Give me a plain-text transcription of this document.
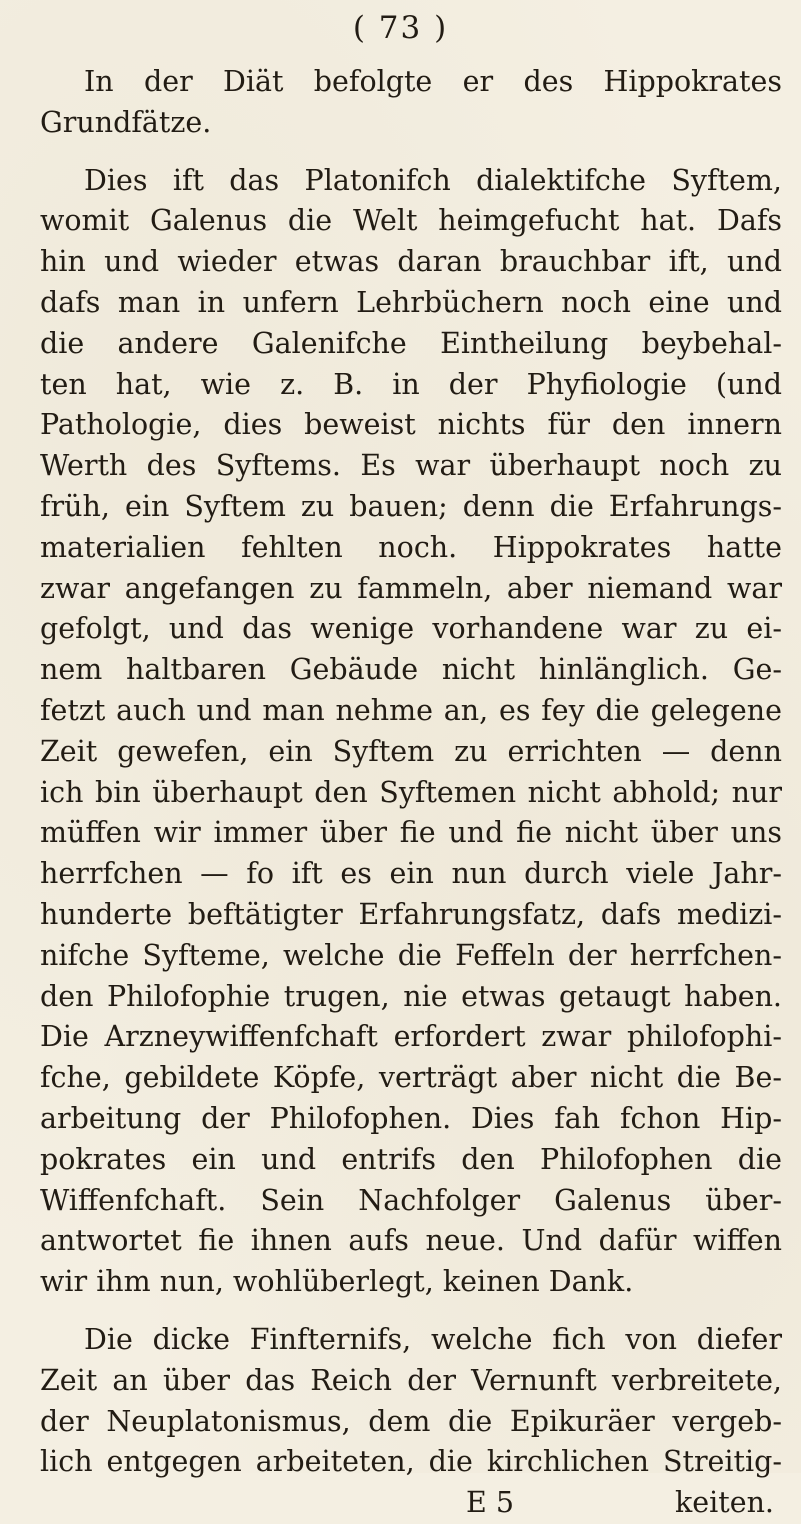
( 73 )
In der Diät befolgte er des Hippokrates
Grundfätze.
Dies ift das Platonifch dialektifche Syftem,
womit Galenus die Welt heimgefucht hat. Dafs
hin und wieder etwas daran brauchbar ift, und
dafs man in unfern Lehrbüchern noch eine und
die andere Galenifche Eintheilung beybehal-
ten hat, wie z. B. in der Phyfiologie (und
Pathologie, dies beweist nichts für den innern
Werth des Syftems. Es war überhaupt noch zu
früh, ein Syftem zu bauen; denn die Erfahrungs-
materialien fehlten noch. Hippokrates hatte
zwar angefangen zu fammeln, aber niemand war
gefolgt, und das wenige vorhandene war zu ei-
nem haltbaren Gebäude nicht hinlänglich. Ge-
fetzt auch und man nehme an, es fey die gelegene
Zeit gewefen, ein Syftem zu errichten — denn
ich bin überhaupt den Syftemen nicht abhold; nur
müffen wir immer über fie und fie nicht über uns
herrfchen — fo ift es ein nun durch viele Jahr-
hunderte beftätigter Erfahrungsfatz, dafs medizi-
nifche Syfteme, welche die Feffeln der herrfchen-
den Philofophie trugen, nie etwas getaugt haben.
Die Arzneywiffenfchaft erfordert zwar philofophi-
fche, gebildete Köpfe, verträgt aber nicht die Be-
arbeitung der Philofophen. Dies fah fchon Hip-
pokrates ein und entrifs den Philofophen die
Wiffenfchaft. Sein Nachfolger Galenus über-
antwortet fie ihnen aufs neue. Und dafür wiffen
wir ihm nun, wohlüberlegt, keinen Dank.
Die dicke Finfternifs, welche fich von diefer
Zeit an über das Reich der Vernunft verbreitete,
der Neuplatonismus, dem die Epikuräer vergeb-
lich entgegen arbeiteten, die kirchlichen Streitig-
E 5	keiten.
